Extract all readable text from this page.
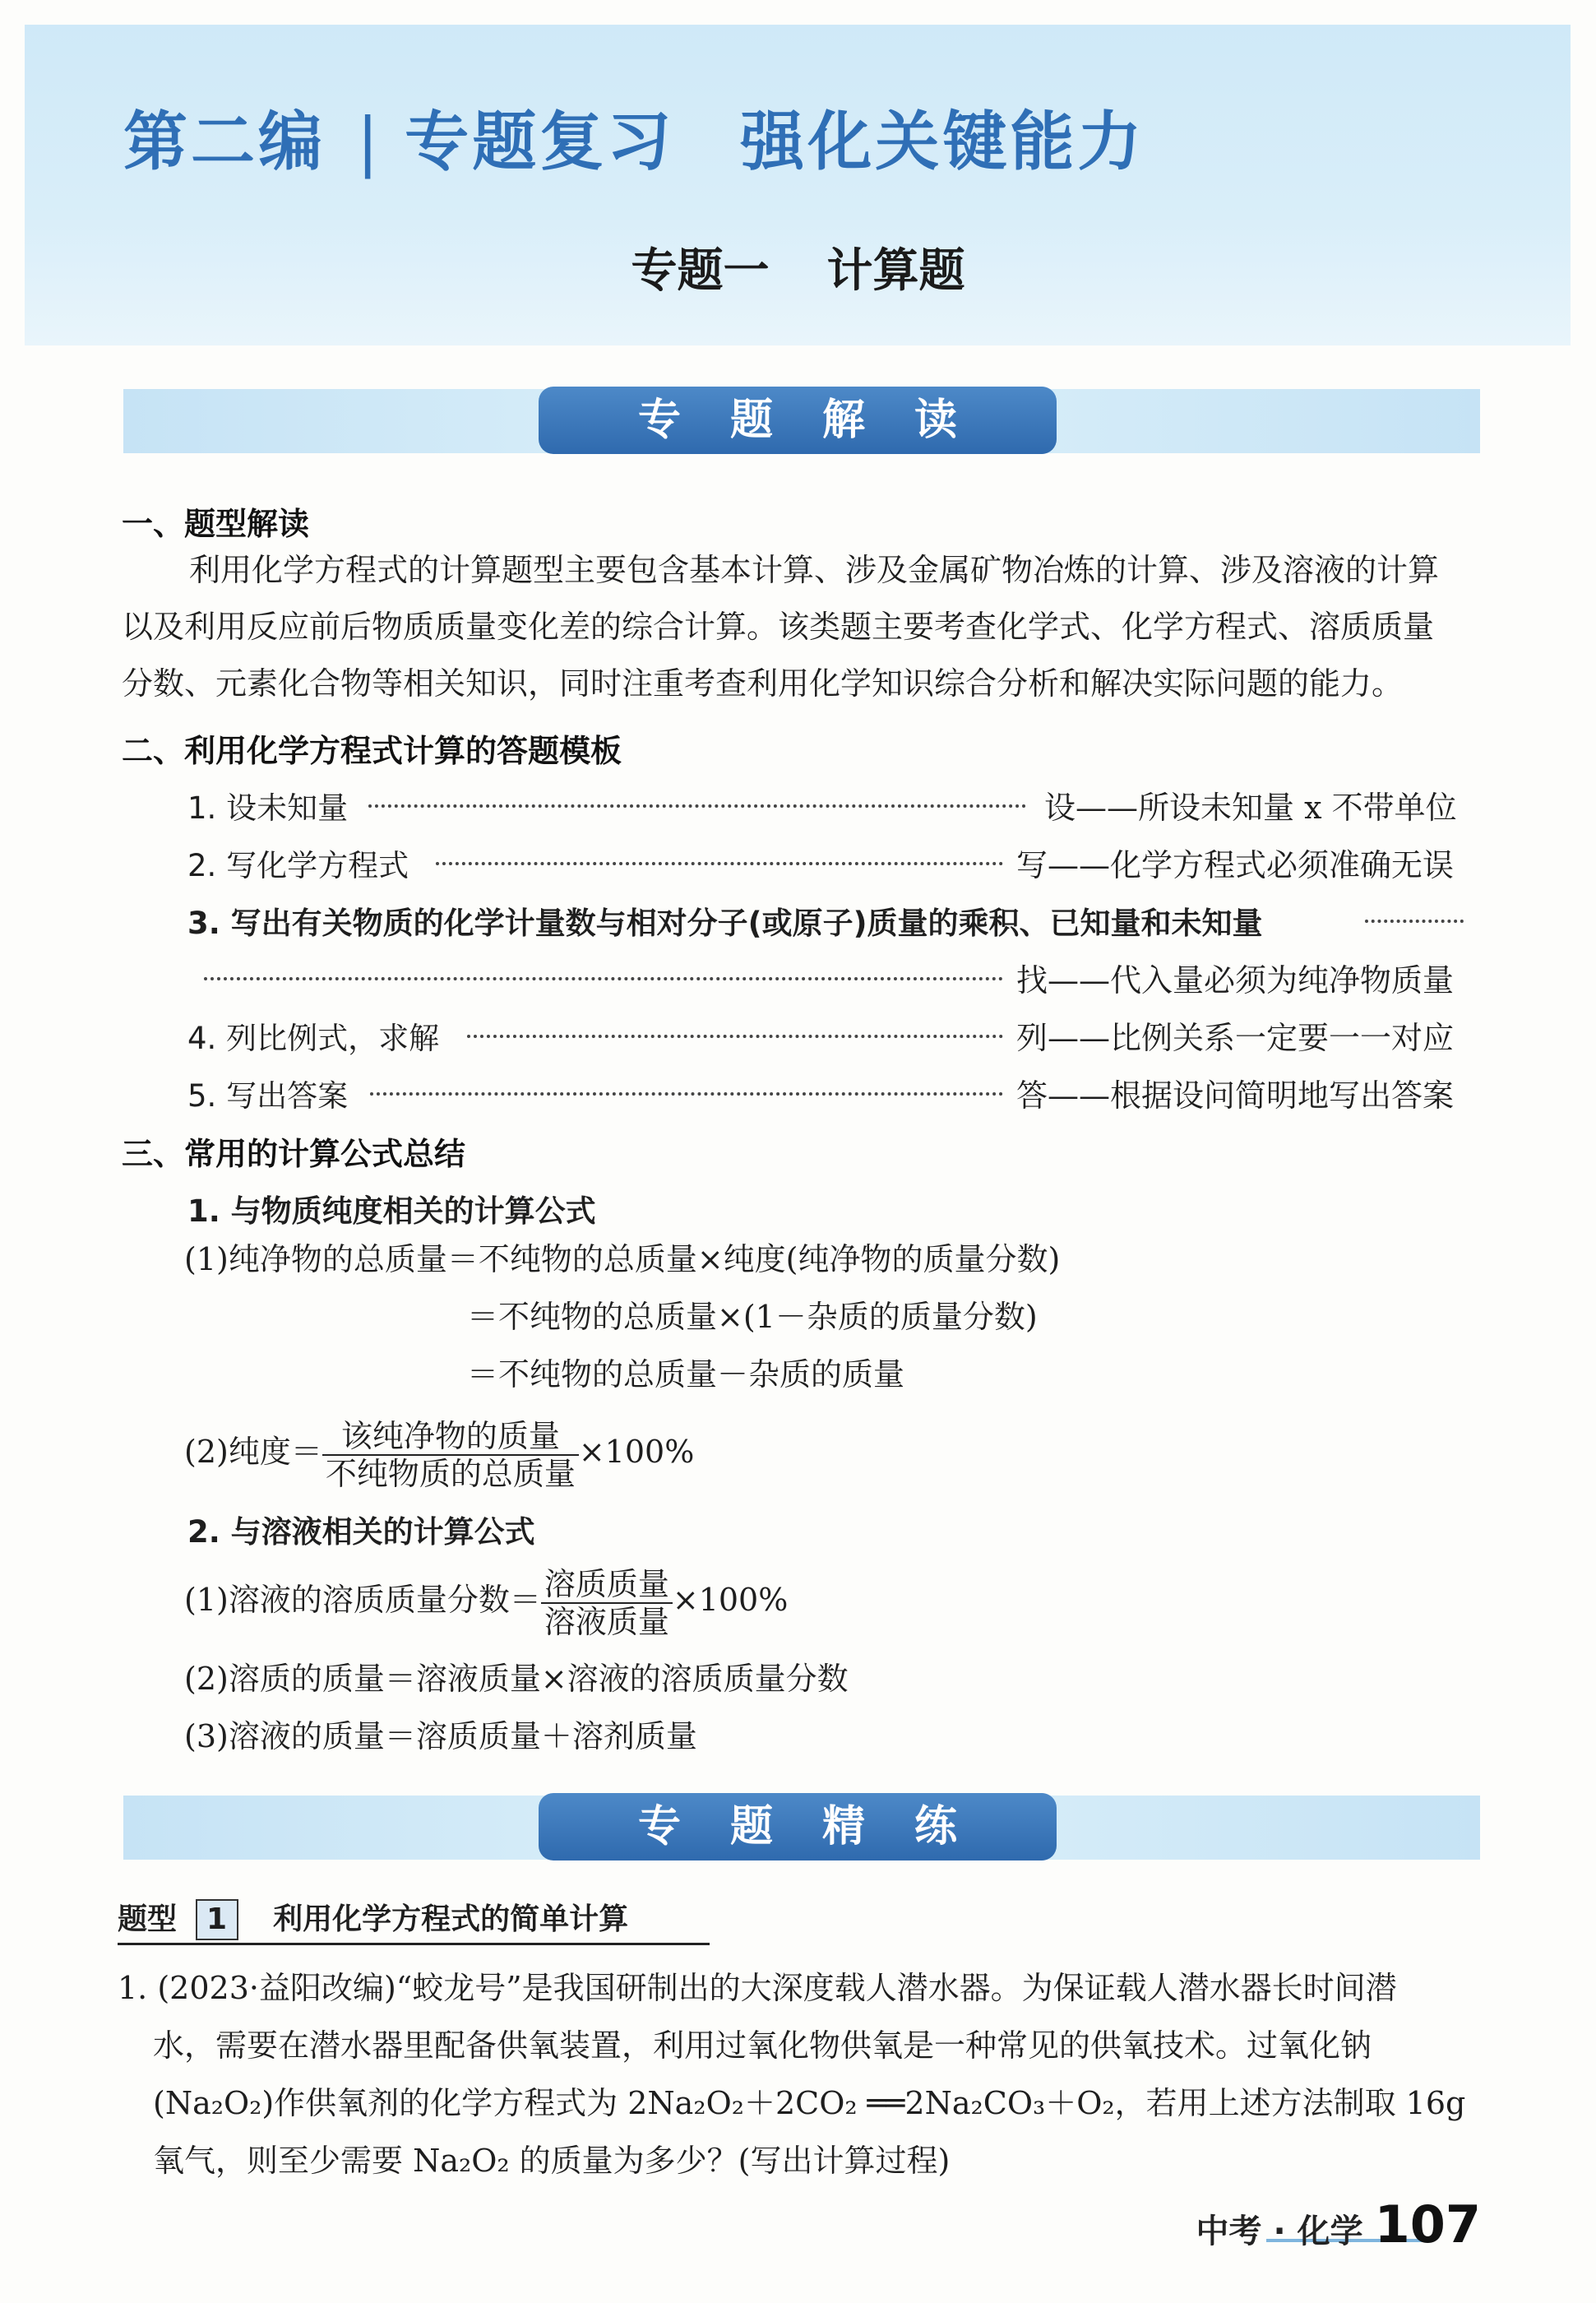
第二编 | 专题复习 强化关键能力
专题一 计算题
专题解读
一、题型解读
利用化学方程式的计算题型主要包含基本计算、涉及金属矿物冶炼的计算、涉及溶液的计算
以及利用反应前后物质质量变化差的综合计算。该类题主要考查化学式、化学方程式、溶质质量
分数、元素化合物等相关知识，同时注重考查利用化学知识综合分析和解决实际问题的能力。
二、利用化学方程式计算的答题模板
1. 设未知量	设——所设未知量 x 不带单位
2. 写化学方程式	写——化学方程式必须准确无误
3. 写出有关物质的化学计量数与相对分子(或原子)质量的乘积、已知量和未知量
找——代入量必须为纯净物质量
4. 列比例式，求解	列——比例关系一定要一一对应
5. 写出答案	答——根据设问简明地写出答案
三、常用的计算公式总结
1. 与物质纯度相关的计算公式
(1)纯净物的总质量＝不纯物的总质量×纯度(纯净物的质量分数)
＝不纯物的总质量×(1－杂质的质量分数)
＝不纯物的总质量－杂质的质量
(2)纯度＝ $\frac{\text{该纯净物的质量}}{\text{不纯物质的总质量}} \times 100\%$
2. 与溶液相关的计算公式
(1)溶液的溶质质量分数＝ $\frac{\text{溶质质量}}{\text{溶液质量}} \times 100\%$
(2)溶质的质量＝溶液质量×溶液的溶质质量分数
(3)溶液的质量＝溶质质量＋溶剂质量
专题精练
题型 1 利用化学方程式的简单计算
1. (2023·益阳改编)“蛟龙号”是我国研制出的大深度载人潜水器。为保证载人潜水器长时间潜
水，需要在潜水器里配备供氧装置，利用过氧化物供氧是一种常见的供氧技术。过氧化钠
(Na₂O₂)作供氧剂的化学方程式为 2Na₂O₂＋2CO₂ ══2Na₂CO₃＋O₂，若用上述方法制取 16g
氧气，则至少需要 Na₂O₂ 的质量为多少？(写出计算过程)
中考 · 化学 107
